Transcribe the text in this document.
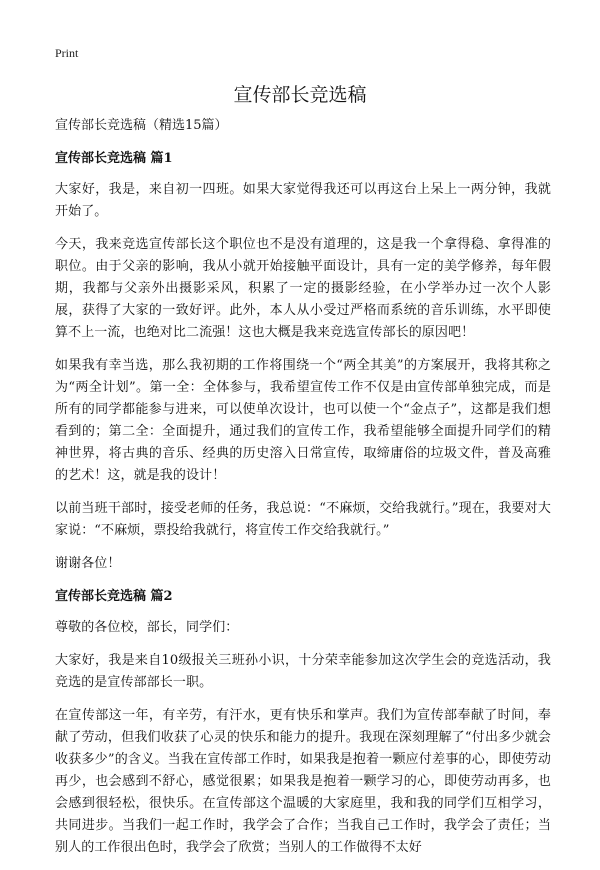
Print
宣传部长竞选稿

宣传部长竞选稿（精选15篇）

宣传部长竞选稿 篇1

大家好，我是，来自初一四班。如果大家觉得我还可以再这台上呆上一两分钟，我就开始了。

今天，我来竞选宣传部长这个职位也不是没有道理的，这是我一个拿得稳、拿得准的职位。由于父亲的影响，我从小就开始接触平面设计，具有一定的美学修养，每年假期，我都与父亲外出摄影采风，积累了一定的摄影经验，在小学举办过一次个人影展，获得了大家的一致好评。此外，本人从小受过严格而系统的音乐训练，水平即使算不上一流，也绝对比二流强！这也大概是我来竞选宣传部长的原因吧！

如果我有幸当选，那么我初期的工作将围绕一个“两全其美”的方案展开，我将其称之为“两全计划”。第一全：全体参与，我希望宣传工作不仅是由宣传部单独完成，而是所有的同学都能参与进来，可以使单次设计，也可以使一个“金点子”，这都是我们想看到的；第二全：全面提升，通过我们的宣传工作，我希望能够全面提升同学们的精神世界，将古典的音乐、经典的历史溶入日常宣传，取缔庸俗的垃圾文件，普及高雅的艺术！这，就是我的设计！

以前当班干部时，接受老师的任务，我总说：“不麻烦，交给我就行。”现在，我要对大家说：“不麻烦，票投给我就行，将宣传工作交给我就行。”

谢谢各位！

宣传部长竞选稿 篇2

尊敬的各位校，部长，同学们：

大家好，我是来自10级报关三班孙小识，十分荣幸能参加这次学生会的竞选活动，我竞选的是宣传部部长一职。

在宣传部这一年，有辛劳，有汗水，更有快乐和掌声。我们为宣传部奉献了时间，奉献了劳动，但我们收获了心灵的快乐和能力的提升。我现在深刻理解了“付出多少就会收获多少”的含义。当我在宣传部工作时，如果我是抱着一颗应付差事的心，即使劳动再少，也会感到不舒心，感觉很累；如果我是抱着一颗学习的心，即使劳动再多，也会感到很轻松，很快乐。在宣传部这个温暖的大家庭里，我和我的同学们互相学习，共同进步。当我们一起工作时，我学会了合作；当我自己工作时，我学会了责任；当别人的工作很出色时，我学会了欣赏；当别人的工作做得不太好
